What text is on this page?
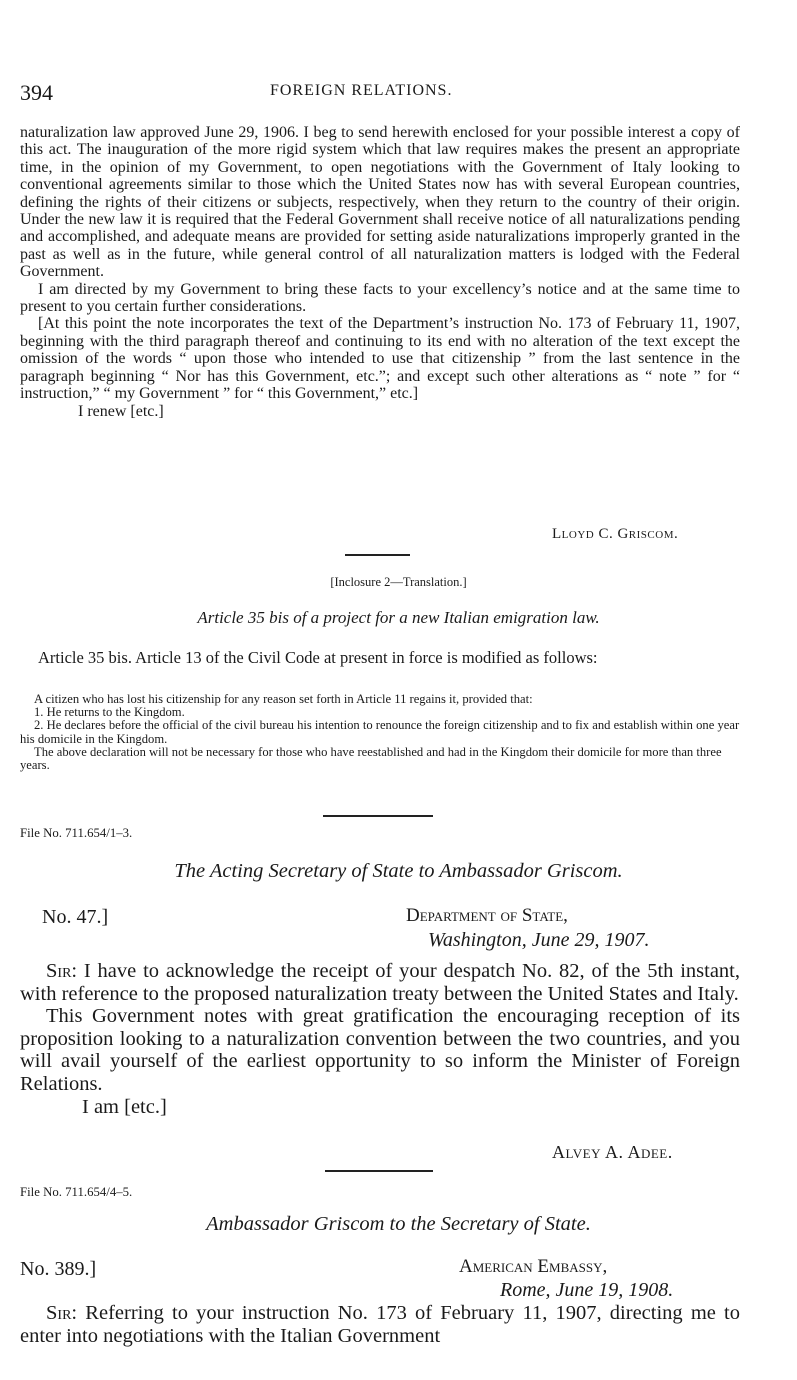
394	FOREIGN RELATIONS.

naturalization law approved June 29, 1906. I beg to send herewith enclosed for your possible interest a copy of this act. The inauguration of the more rigid system which that law requires makes the present an appropriate time, in the opinion of my Government, to open negotiations with the Government of Italy looking to conventional agreements similar to those which the United States now has with several European countries, defining the rights of their citizens or subjects, respectively, when they return to the country of their origin. Under the new law it is required that the Federal Government shall receive notice of all naturalizations pending and accomplished, and adequate means are provided for setting aside naturalizations improperly granted in the past as well as in the future, while general control of all naturalization matters is lodged with the Federal Government.

I am directed by my Government to bring these facts to your excellency’s notice and at the same time to present to you certain further considerations.

[At this point the note incorporates the text of the Department’s instruction No. 173 of February 11, 1907, beginning with the third paragraph thereof and continuing to its end with no alteration of the text except the omission of the words “ upon those who intended to use that citizenship ” from the last sentence in the paragraph beginning “ Nor has this Government, etc.”; and except such other alterations as “ note ” for “ instruction,” “ my Government ” for “ this Government,” etc.]

I renew [etc.]

Lloyd C. Griscom.
[Inclosure 2—Translation.]
Article 35 bis of a project for a new Italian emigration law.

Article 35 bis. Article 13 of the Civil Code at present in force is modified as follows:

A citizen who has lost his citizenship for any reason set forth in Article 11 regains it, provided that:

1. He returns to the Kingdom.

2. He declares before the official of the civil bureau his intention to renounce the foreign citizenship and to fix and establish within one year his domicile in the Kingdom.

The above declaration will not be necessary for those who have reestablished and had in the Kingdom their domicile for more than three years.

File No. 711.654/1–3.
The Acting Secretary of State to Ambassador Griscom.
No. 47.]	Department of State,
Washington, June 29, 1907.

Sir: I have to acknowledge the receipt of your despatch No. 82, of the 5th instant, with reference to the proposed naturalization treaty between the United States and Italy.

This Government notes with great gratification the encouraging reception of its proposition looking to a naturalization convention between the two countries, and you will avail yourself of the earliest opportunity to so inform the Minister of Foreign Relations.

I am [etc.]

Alvey A. Adee.
File No. 711.654/4–5.
Ambassador Griscom to the Secretary of State.
No. 389.]	American Embassy,
Rome, June 19, 1908.

Sir: Referring to your instruction No. 173 of February 11, 1907, directing me to enter into negotiations with the Italian Government
